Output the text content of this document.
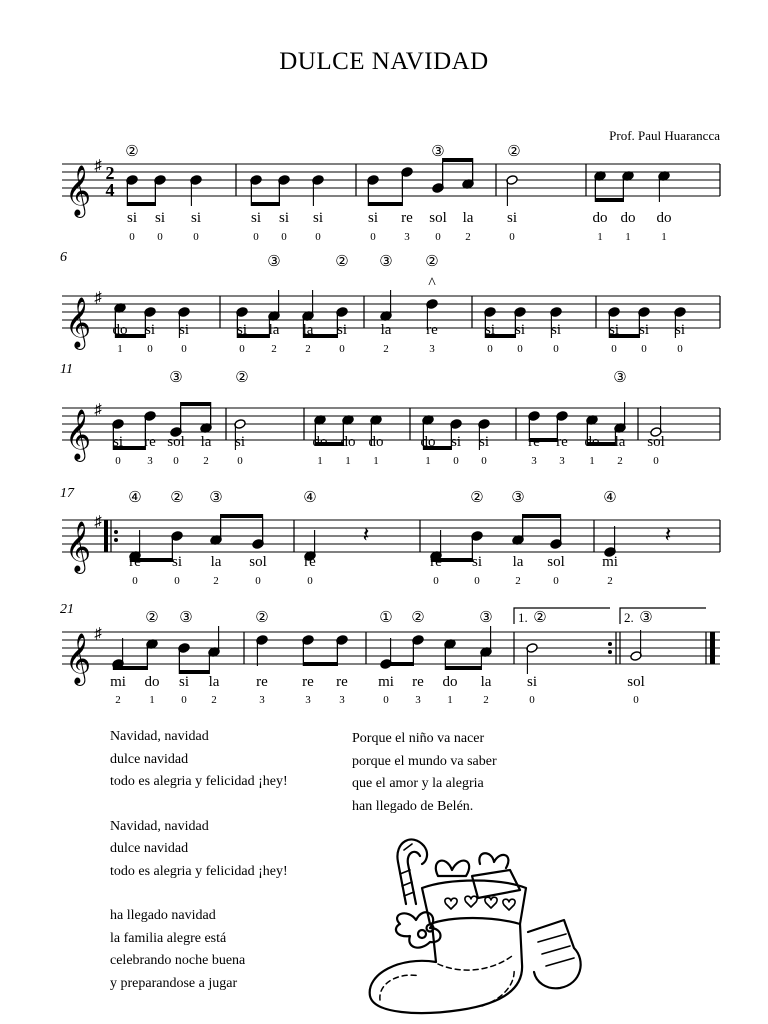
DULCE NAVIDAD
Prof. Paul Huarancca
𝄞 ♯ 2
4
②	③	②
si
0
si
0
si
0
si
0
si
0
si
0
si
0
re
3
sol
0
la
2
si
0
do
1
do
1
do
1
𝄞 ♯
6
^
③	② ③ ②
do
1
si
0
si
0
si
0
la
2
la
2
si
0
la
2
re
3
si
0
si
0
si
0
si
0
si
0
si
0
𝄞 ♯
11
③	②	③
si
0
re
3
sol
0
la
2
si
0
do
1
do
1
do
1
do
1
si
0
si
0
re
3
re
3
do
1
la
2
sol
0
𝄞 ♯
17
𝄽	𝄽
④ ② ③	④	② ③	④
re
0
si
0
la
2
sol
0
re
0
re
0
si
0
la
2
sol
0
mi
2
𝄞 ♯
21
1.	2.
② ③	②	① ②	③	②	③
mi
2
do
1
si
0
la
2
re
3
re
3
re
3
mi
0
re
3
do
1
la
2
si
0
sol
0
Navidad, navidad
dulce navidad
todo es alegria y felicidad ¡hey!
Navidad, navidad
dulce navidad
todo es alegria y felicidad ¡hey!
ha llegado navidad
la familia alegre está
celebrando noche buena
y preparandose a jugar
Porque el niño va nacer
porque el mundo va saber
que el amor y la alegria
han llegado de Belén.
